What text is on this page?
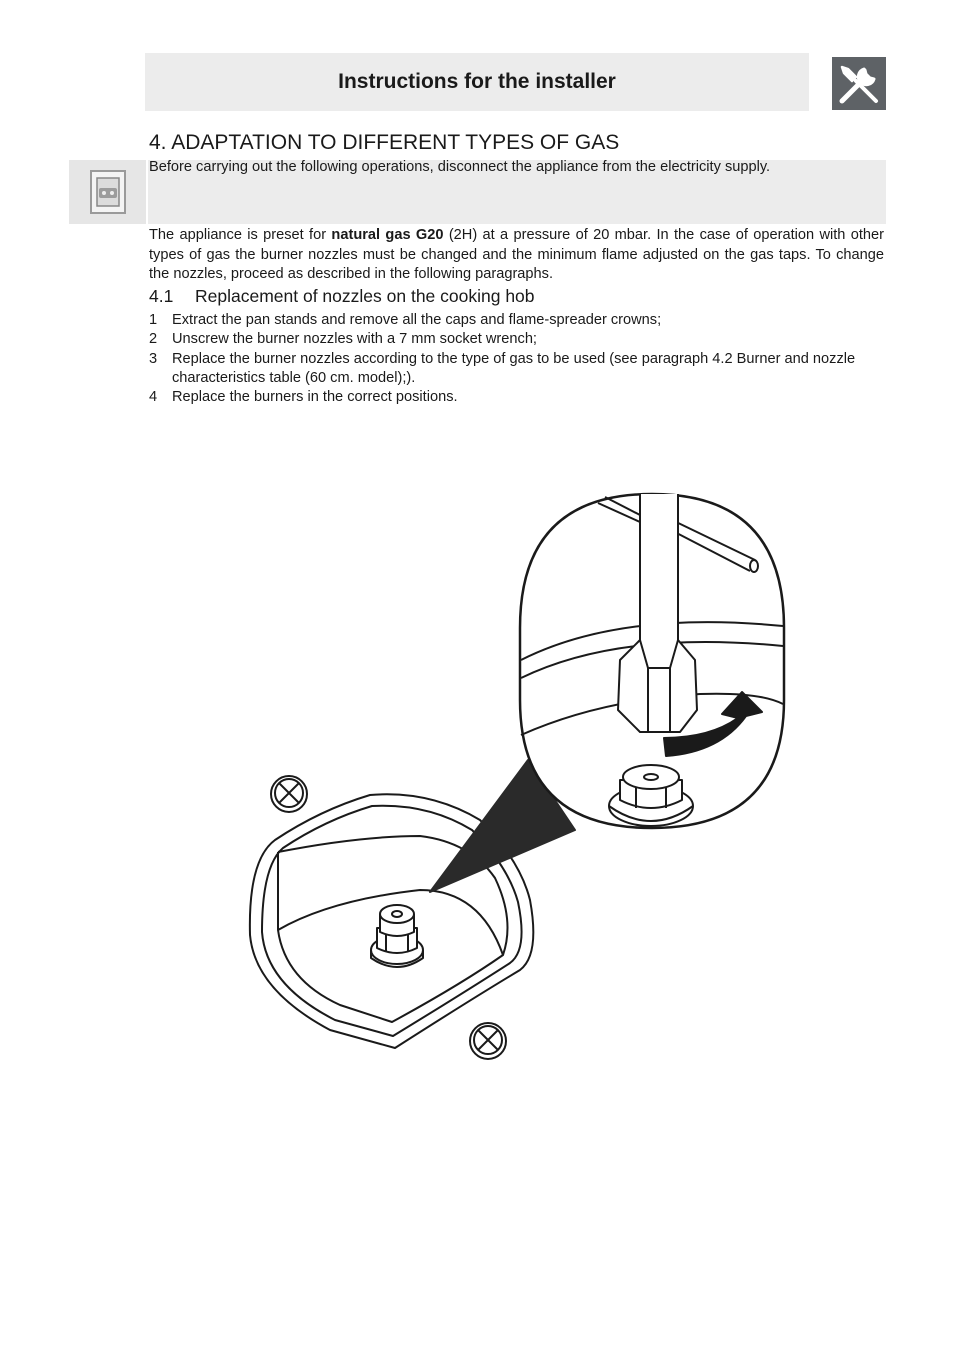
Instructions for the installer
4. ADAPTATION TO DIFFERENT TYPES OF GAS
Before carrying out the following operations, disconnect the appliance from the electricity supply.

The appliance is preset for natural gas G20 (2H) at a pressure of 20 mbar. In the case of operation with other types of gas the burner nozzles must be changed and the minimum flame adjusted on the gas taps. To change the nozzles, proceed as described in the following paragraphs.

4.1 Replacement of nozzles on the cooking hob
1	Extract the pan stands and remove all the caps and flame-spreader crowns;
2	Unscrew the burner nozzles with a 7 mm socket wrench;
3	Replace the burner nozzles according to the type of gas to be used (see paragraph 4.2 Burner and nozzle characteristics table (60 cm. model);).
4	Replace the burners in the correct positions.
